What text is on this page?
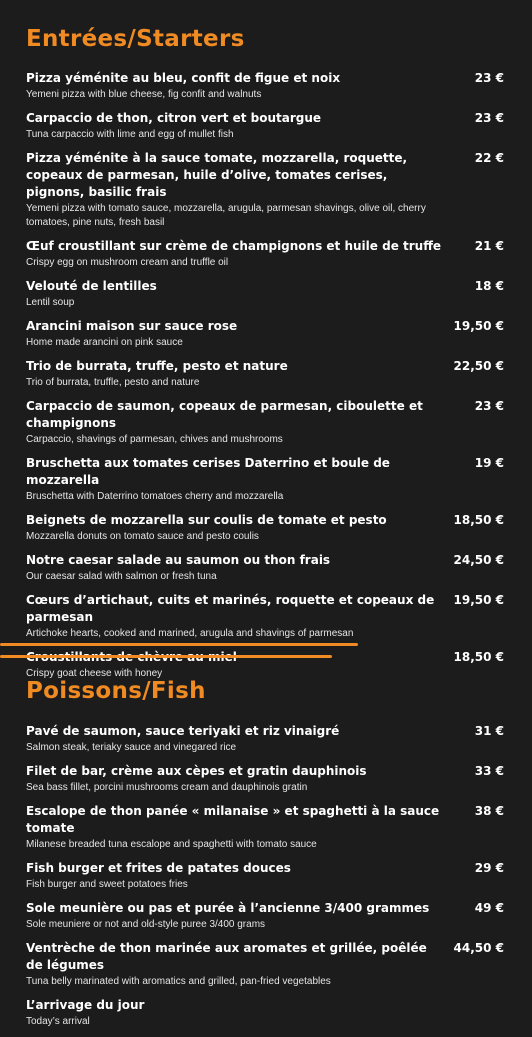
Entrées/Starters
Pizza yéménite au bleu, confit de figue et noix
Yemeni pizza with blue cheese, fig confit and walnuts
23 €
Carpaccio de thon, citron vert et boutargue
Tuna carpaccio with lime and egg of mullet fish
23 €
Pizza yéménite à la sauce tomate, mozzarella, roquette, copeaux de parmesan, huile d’olive, tomates cerises, pignons, basilic frais
Yemeni pizza with tomato sauce, mozzarella, arugula, parmesan shavings, olive oil, cherry tomatoes, pine nuts, fresh basil
22 €
Œuf croustillant sur crème de champignons et huile de truffe
Crispy egg on mushroom cream and truffle oil
21 €
Velouté de lentilles
Lentil soup
18 €
Arancini maison sur sauce rose
Home made arancini on pink sauce
19,50 €
Trio de burrata, truffe, pesto et nature
Trio of burrata, truffle, pesto and nature
22,50 €
Carpaccio de saumon, copeaux de parmesan, ciboulette et champignons
Carpaccio, shavings of parmesan, chives and mushrooms
23 €
Bruschetta aux tomates cerises Daterrino et boule de mozzarella
Bruschetta with Daterrino tomatoes cherry and mozzarella
19 €
Beignets de mozzarella sur coulis de tomate et pesto
Mozzarella donuts on tomato sauce and pesto coulis
18,50 €
Notre caesar salade au saumon ou thon frais
Our caesar salad with salmon or fresh tuna
24,50 €
Cœurs d’artichaut, cuits et marinés, roquette et copeaux de parmesan
Artichoke hearts, cooked and marined, arugula and shavings of parmesan
19,50 €
Crispy goat cheese with honey
18,50 €
Poissons/Fish
Pavé de saumon, sauce teriyaki et riz vinaigré
Salmon steak, teriaky sauce and vinegared rice
31 €
Filet de bar, crème aux cèpes et gratin dauphinois
Sea bass fillet, porcini mushrooms cream and dauphinois gratin
33 €
Escalope de thon panée « milanaise » et spaghetti à la sauce tomate
Milanese breaded tuna escalope and spaghetti with tomato sauce
38 €
Fish burger et frites de patates douces
Fish burger and sweet potatoes fries
29 €
Sole meunière ou pas et purée à l’ancienne 3/400 grammes
Sole meuniere or not and old-style puree 3/400 grams
49 €
Ventrèche de thon marinée aux aromates et grillée, poêlée de légumes
Tuna belly marinated with aromatics and grilled, pan-fried vegetables
44,50 €
L’arrivage du jour
Today’s arrival
